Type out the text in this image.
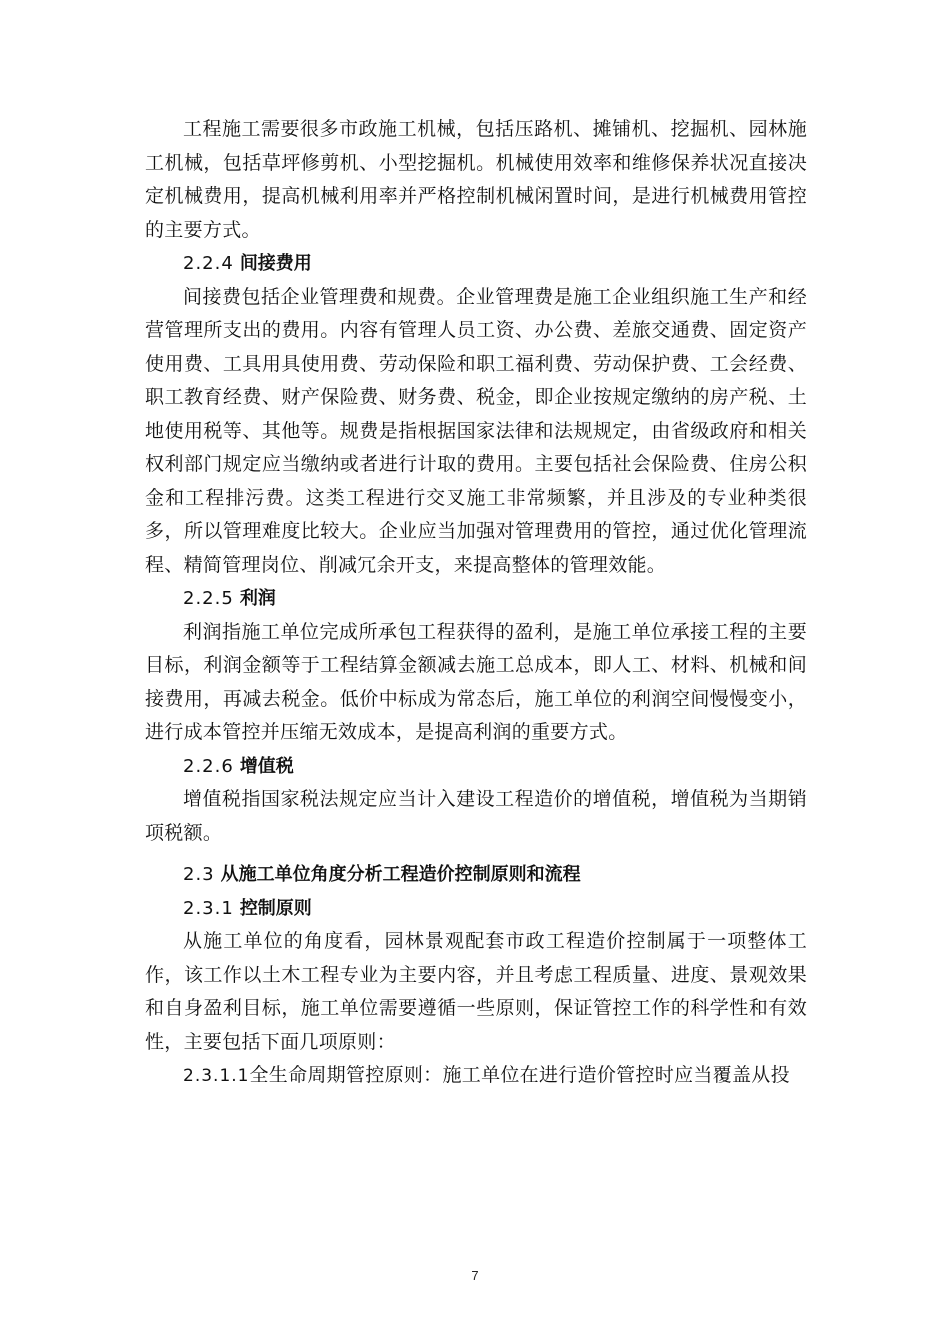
工程施工需要很多市政施工机械，包括压路机、摊铺机、挖掘机、园林施工机械，包括草坪修剪机、小型挖掘机。机械使用效率和维修保养状况直接决定机械费用，提高机械利用率并严格控制机械闲置时间，是进行机械费用管控的主要方式。

2.2.4 间接费用

间接费包括企业管理费和规费。企业管理费是施工企业组织施工生产和经营管理所支出的费用。内容有管理人员工资、办公费、差旅交通费、固定资产使用费、工具用具使用费、劳动保险和职工福利费、劳动保护费、工会经费、职工教育经费、财产保险费、财务费、税金，即企业按规定缴纳的房产税、土地使用税等、其他等。规费是指根据国家法律和法规规定，由省级政府和相关权利部门规定应当缴纳或者进行计取的费用。主要包括社会保险费、住房公积金和工程排污费。这类工程进行交叉施工非常频繁，并且涉及的专业种类很多，所以管理难度比较大。企业应当加强对管理费用的管控，通过优化管理流程、精简管理岗位、削减冗余开支，来提高整体的管理效能。

2.2.5 利润

利润指施工单位完成所承包工程获得的盈利，是施工单位承接工程的主要目标，利润金额等于工程结算金额减去施工总成本，即人工、材料、机械和间接费用，再减去税金。低价中标成为常态后，施工单位的利润空间慢慢变小，进行成本管控并压缩无效成本，是提高利润的重要方式。

2.2.6 增值税

增值税指国家税法规定应当计入建设工程造价的增值税，增值税为当期销项税额。

2.3 从施工单位角度分析工程造价控制原则和流程

2.3.1 控制原则

从施工单位的角度看，园林景观配套市政工程造价控制属于一项整体工作，该工作以土木工程专业为主要内容，并且考虑工程质量、进度、景观效果和自身盈利目标，施工单位需要遵循一些原则，保证管控工作的科学性和有效性，主要包括下面几项原则：

2.3.1.1全生命周期管控原则：施工单位在进行造价管控时应当覆盖从投

7
